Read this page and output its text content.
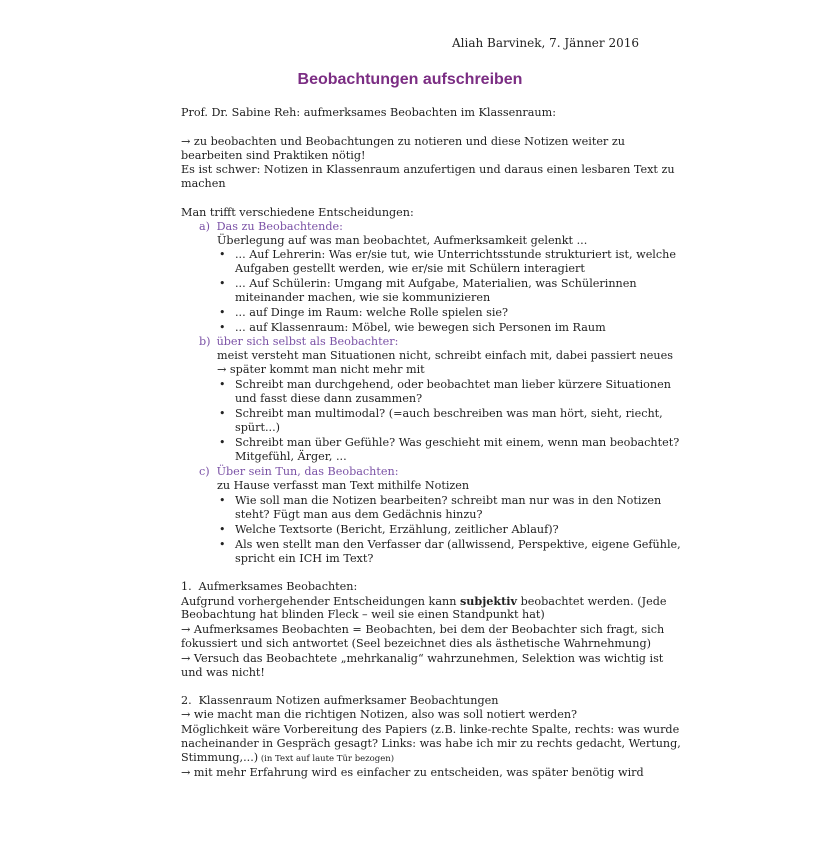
Aliah Barvinek, 7. Jänner 2016
Beobachtungen aufschreiben
Prof. Dr. Sabine Reh: aufmerksames Beobachten im Klassenraum:
→ zu beobachten und Beobachtungen zu notieren und diese Notizen weiter zu
bearbeiten sind Praktiken nötig!
Es ist schwer: Notizen in Klassenraum anzufertigen und daraus einen lesbaren Text zu
machen
Man trifft verschiedene Entscheidungen:
a) Das zu Beobachtende:
Überlegung auf was man beobachtet, Aufmerksamkeit gelenkt ...
• ... Auf Lehrerin: Was er/sie tut, wie Unterrichtsstunde strukturiert ist, welche
Aufgaben gestellt werden, wie er/sie mit Schülern interagiert
• ... Auf Schülerin: Umgang mit Aufgabe, Materialien, was Schülerinnen
miteinander machen, wie sie kommunizieren
• ... auf Dinge im Raum: welche Rolle spielen sie?
• ... auf Klassenraum: Möbel, wie bewegen sich Personen im Raum
b) über sich selbst als Beobachter:
meist versteht man Situationen nicht, schreibt einfach mit, dabei passiert neues
→ später kommt man nicht mehr mit
• Schreibt man durchgehend, oder beobachtet man lieber kürzere Situationen
und fasst diese dann zusammen?
• Schreibt man multimodal? (=auch beschreiben was man hört, sieht, riecht,
spürt...)
• Schreibt man über Gefühle? Was geschieht mit einem, wenn man beobachtet?
Mitgefühl, Ärger, ...
c) Über sein Tun, das Beobachten:
zu Hause verfasst man Text mithilfe Notizen
• Wie soll man die Notizen bearbeiten? schreibt man nur was in den Notizen
steht? Fügt man aus dem Gedächnis hinzu?
• Welche Textsorte (Bericht, Erzählung, zeitlicher Ablauf)?
• Als wen stellt man den Verfasser dar (allwissend, Perspektive, eigene Gefühle,
spricht ein ICH im Text?
1. Aufmerksames Beobachten:
Aufgrund vorhergehender Entscheidungen kann subjektiv beobachtet werden. (Jede
Beobachtung hat blinden Fleck – weil sie einen Standpunkt hat)
→ Aufmerksames Beobachten = Beobachten, bei dem der Beobachter sich fragt, sich
fokussiert und sich antwortet (Seel bezeichnet dies als ästhetische Wahrnehmung)
→ Versuch das Beobachtete „mehrkanalig“ wahrzunehmen, Selektion was wichtig ist
und was nicht!
2. Klassenraum Notizen aufmerksamer Beobachtungen
→ wie macht man die richtigen Notizen, also was soll notiert werden?
Möglichkeit wäre Vorbereitung des Papiers (z.B. linke-rechte Spalte, rechts: was wurde
nacheinander in Gespräch gesagt? Links: was habe ich mir zu rechts gedacht, Wertung,
Stimmung,...) (in Text auf laute Tür bezogen)
→ mit mehr Erfahrung wird es einfacher zu entscheiden, was später benötig wird
